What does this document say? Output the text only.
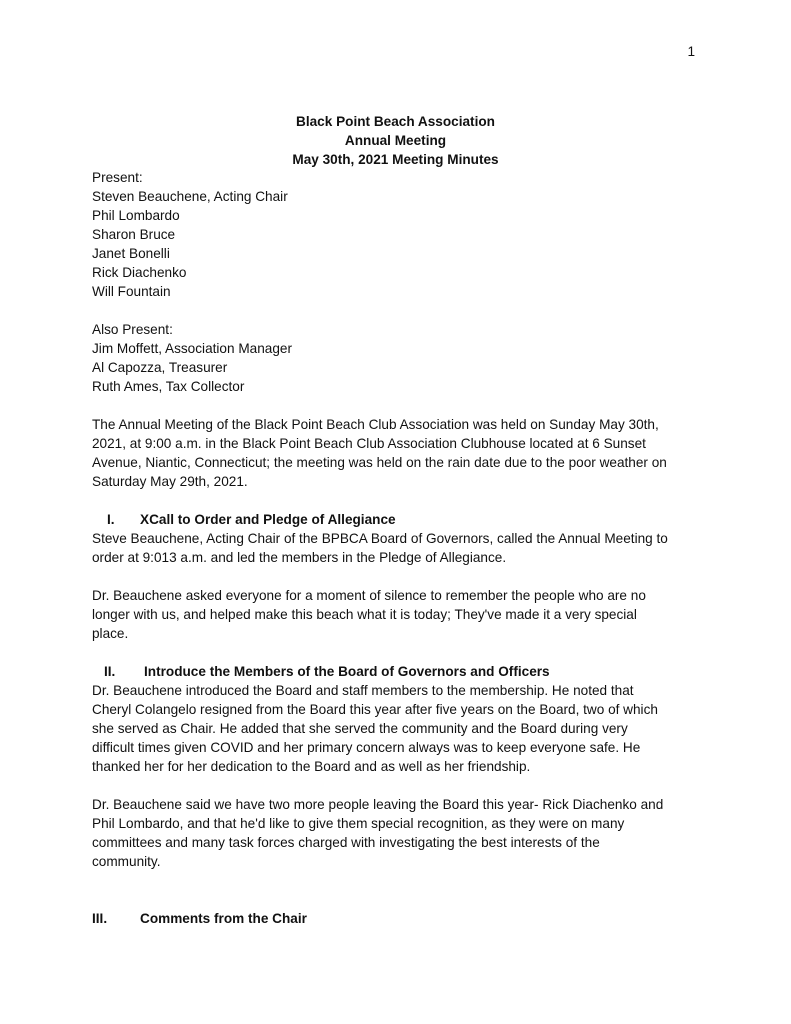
1
Black Point Beach Association
Annual Meeting
May 30th, 2021 Meeting Minutes
Present:
Steven Beauchene, Acting Chair
Phil Lombardo
Sharon Bruce
Janet Bonelli
Rick Diachenko
Will Fountain
Also Present:
Jim Moffett, Association Manager
Al Capozza, Treasurer
Ruth Ames, Tax Collector
The Annual Meeting of the Black Point Beach Club Association was held on Sunday May 30th,
2021, at 9:00 a.m. in the Black Point Beach Club Association Clubhouse located at 6 Sunset
Avenue, Niantic, Connecticut; the meeting was held on the rain date due to the poor weather on
Saturday May 29th, 2021.
I.	XCall to Order and Pledge of Allegiance
Steve Beauchene, Acting Chair of the BPBCA Board of Governors, called the Annual Meeting to
order at 9:013 a.m. and led the members in the Pledge of Allegiance.
Dr. Beauchene asked everyone for a moment of silence to remember the people who are no
longer with us, and helped make this beach what it is today; They've made it a very special
place.
II.	Introduce the Members of the Board of Governors and Officers
Dr. Beauchene introduced the Board and staff members to the membership. He noted that
Cheryl Colangelo resigned from the Board this year after five years on the Board, two of which
she served as Chair. He added that she served the community and the Board during very
difficult times given COVID and her primary concern always was to keep everyone safe. He
thanked her for her dedication to the Board and as well as her friendship.
Dr. Beauchene said we have two more people leaving the Board this year- Rick Diachenko and
Phil Lombardo, and that he'd like to give them special recognition, as they were on many
committees and many task forces charged with investigating the best interests of the
community.
III.	Comments from the Chair
